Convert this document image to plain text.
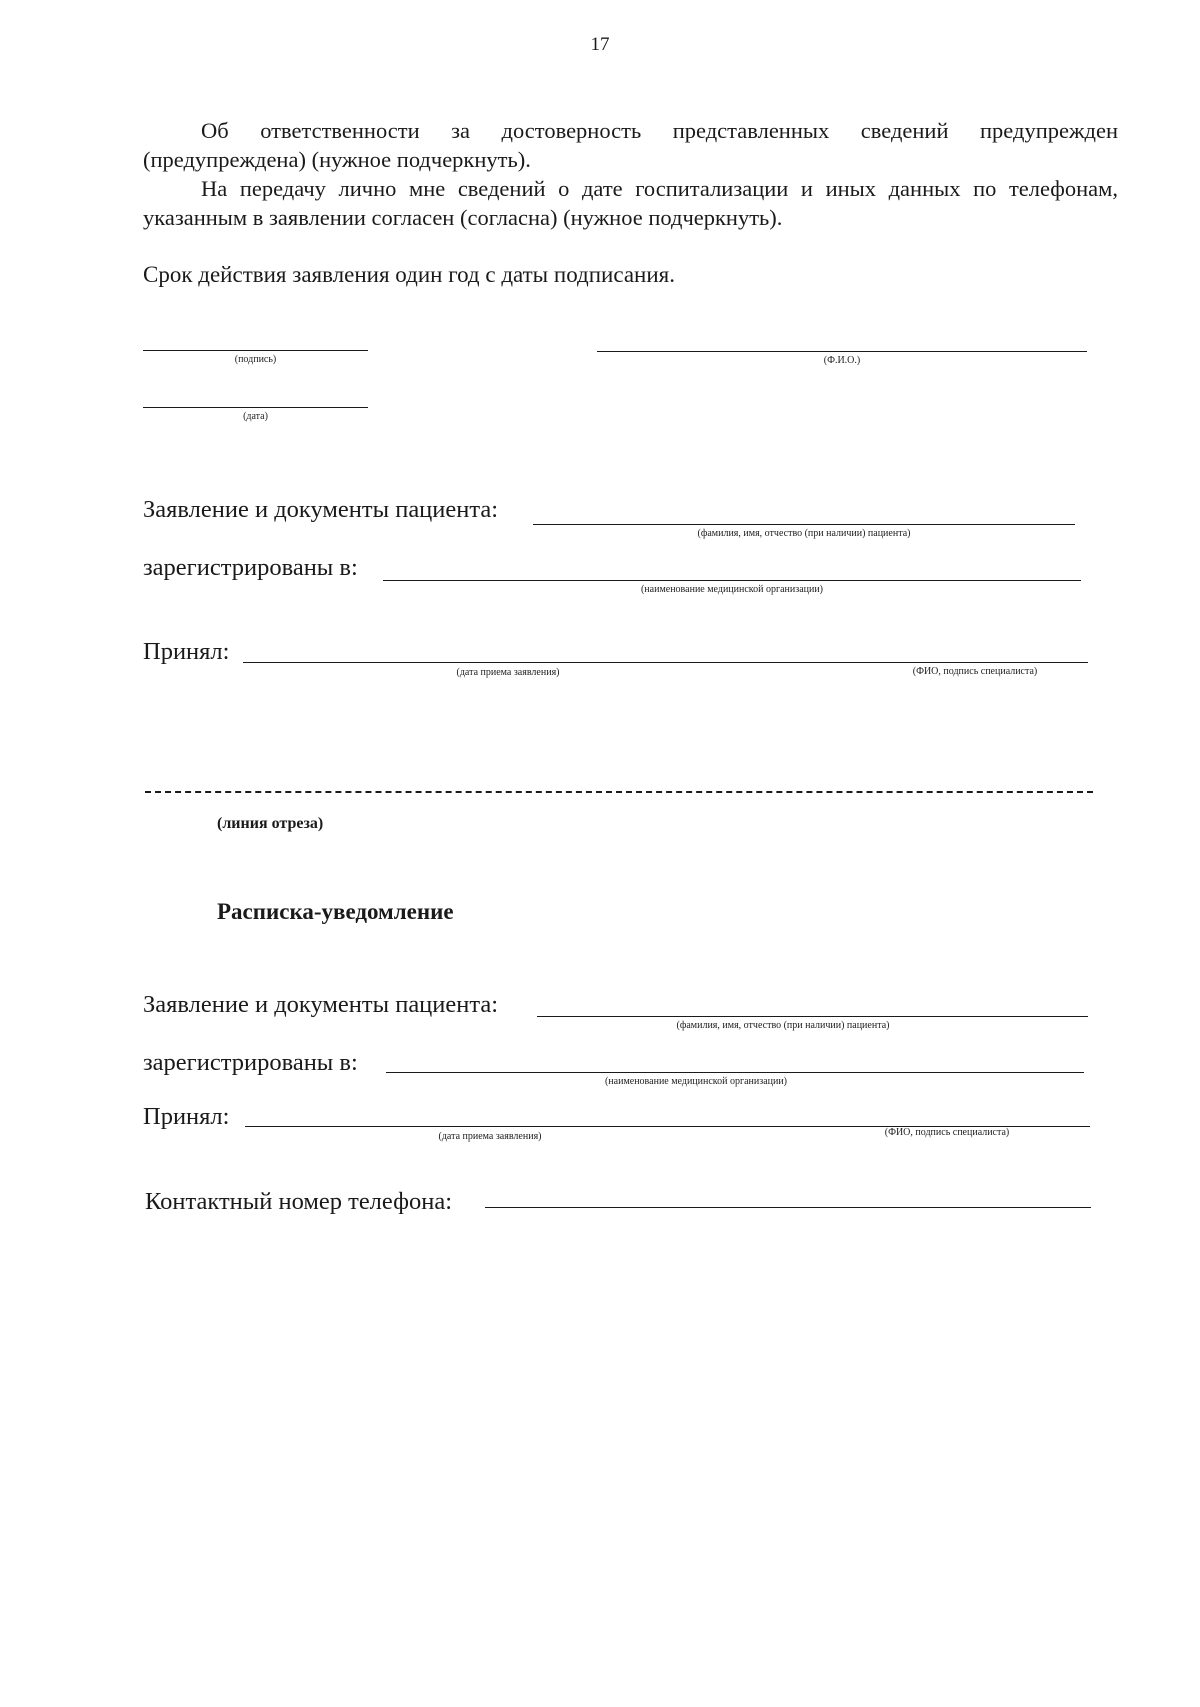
17
Об ответственности за достоверность представленных сведений предупрежден (предупреждена) (нужное подчеркнуть).
На передачу лично мне сведений о дате госпитализации и иных данных по телефонам, указанным в заявлении согласен (согласна) (нужное подчеркнуть).
Срок действия заявления один год с даты подписания.
(подпись)	(Ф.И.О.)
(дата)
Заявление и документы пациента:
(фамилия, имя, отчество (при наличии) пациента)
зарегистрированы в:
(наименование медицинской организации)
Принял:
(дата приема заявления)	(ФИО, подпись специалиста)
(линия отреза)
Расписка-уведомление
Заявление и документы пациента:
(фамилия, имя, отчество (при наличии) пациента)
зарегистрированы в:
(наименование медицинской организации)
Принял:
(дата приема заявления)	(ФИО, подпись специалиста)
Контактный номер телефона:
